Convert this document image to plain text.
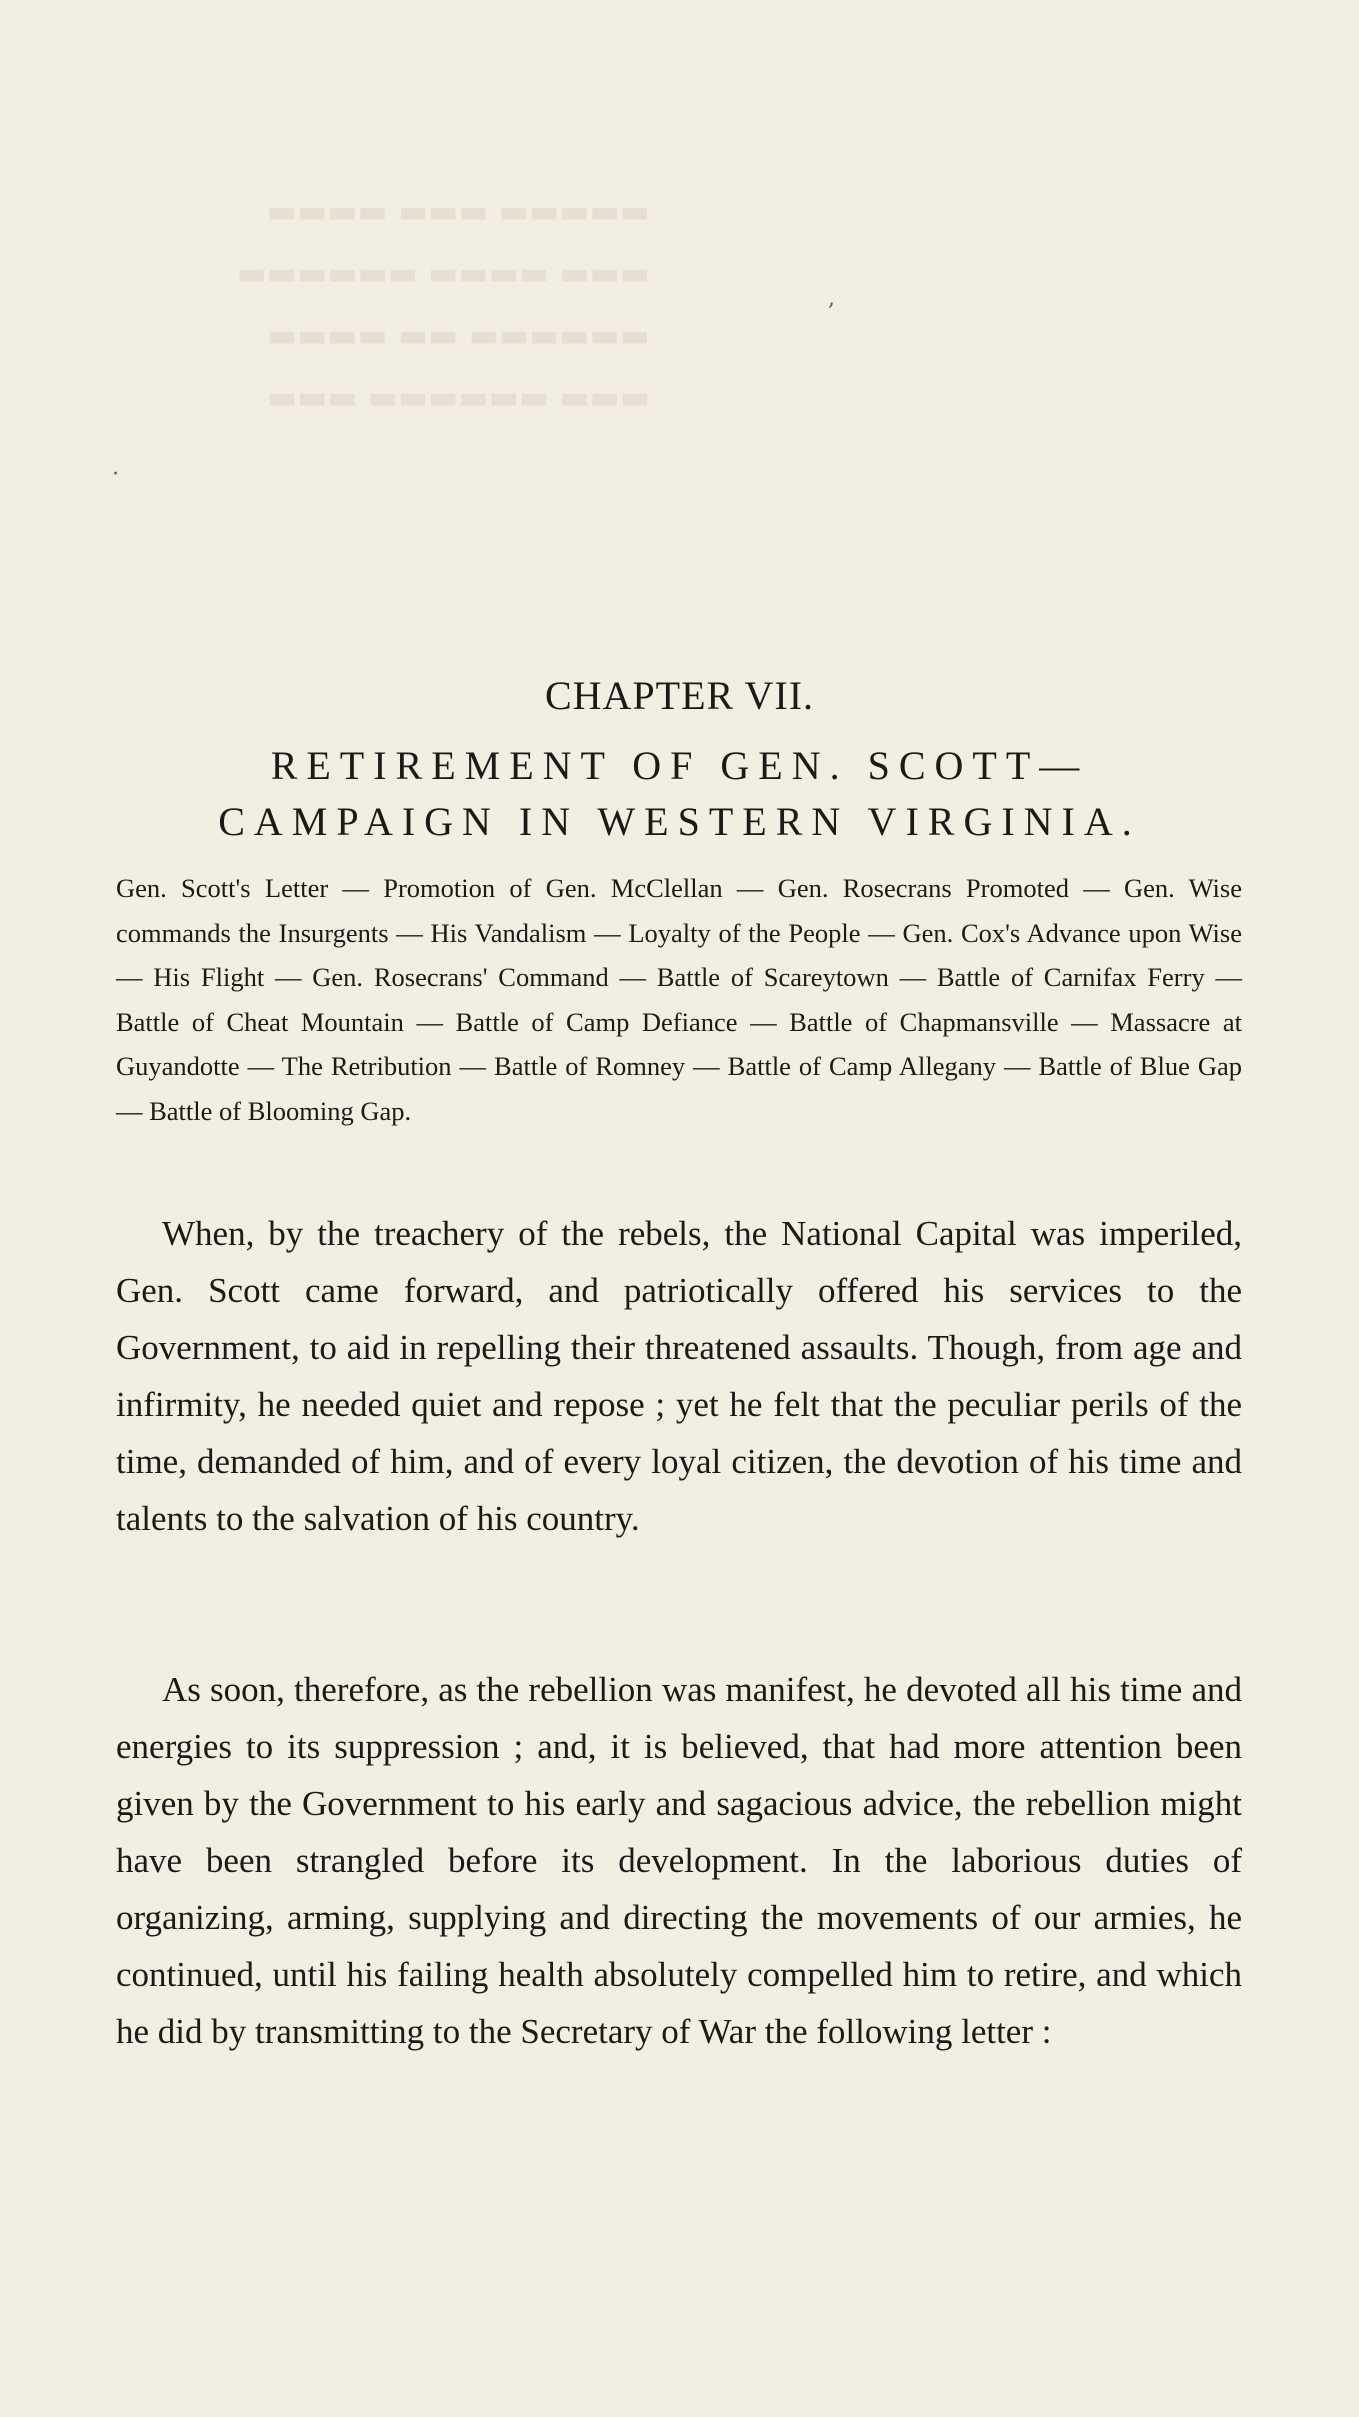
▬▬▬▬▬ ▬▬▬ ▬▬▬▬
▬▬▬ ▬▬▬▬ ▬▬▬▬▬▬
▬▬▬▬▬▬ ▬▬ ▬▬▬▬
▬▬▬ ▬▬▬▬▬▬ ▬▬▬
,
·
CHAPTER VII.
RETIREMENT OF GEN. SCOTT—CAMPAIGN IN WESTERN VIRGINIA.
Gen. Scott's Letter — Promotion of Gen. McClellan — Gen. Rosecrans Promoted — Gen. Wise commands the Insurgents — His Vandalism — Loyalty of the People — Gen. Cox's Advance upon Wise — His Flight — Gen. Rosecrans' Command — Battle of Scareytown — Battle of Carnifax Ferry — Battle of Cheat Mountain — Battle of Camp Defiance — Battle of Chapmansville — Massacre at Guyandotte — The Retribution — Battle of Romney — Battle of Camp Allegany — Battle of Blue Gap — Battle of Blooming Gap.

When, by the treachery of the rebels, the National Capital was imperiled, Gen. Scott came forward, and patriotically offered his services to the Government, to aid in repelling their threatened assaults. Though, from age and infirmity, he needed quiet and repose ; yet he felt that the peculiar perils of the time, demanded of him, and of every loyal citizen, the devotion of his time and talents to the salvation of his country.

As soon, therefore, as the rebellion was manifest, he devoted all his time and energies to its suppression ; and, it is believed, that had more attention been given by the Government to his early and sagacious advice, the rebellion might have been strangled before its development. In the laborious duties of organizing, arming, supplying and directing the movements of our armies, he continued, until his failing health absolutely compelled him to retire, and which he did by transmitting to the Secretary of War the following letter :
